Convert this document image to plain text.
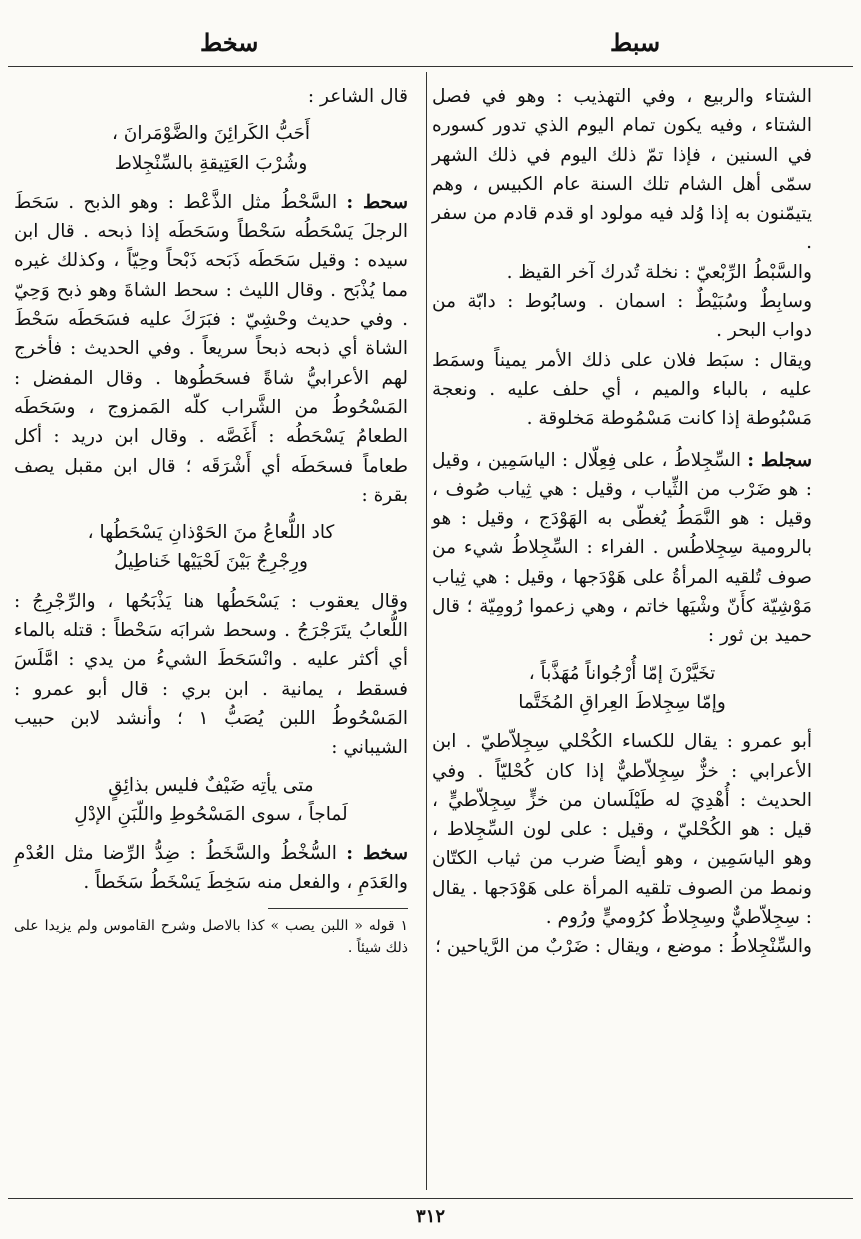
سبط
سخط

الشتاء والربيع ، وفي التهذيب : وهو في فصل الشتاء ، وفيه يكون تمام اليوم الذي تدور كسوره في السنين ، فإذا تمّ ذلك اليوم في ذلك الشهر سمّى أهل الشام تلك السنة عام الكبيس ، وهم يتيمّنون به إذا وُلد فيه مولود او قدم قادم من سفر .

والسَّبْطُ الرِّبْعيّ : نخلة تُدرك آخر القيظ .

وسابِطٌ وسُبَيْطٌ : اسمان . وسابُوط : دابّة من دواب البحر .

ويقال : سبَط فلان على ذلك الأمر يميناً وسمَط عليه ، بالباء والميم ، أي حلف عليه . ونعجة مَسْبُوطة إذا كانت مَسْمُوطة مَخلوقة .

سجلط : السِّجِلاطُ ، على فِعِلّال : الياسَمِين ، وقيل : هو ضَرْب من الثِّياب ، وقيل : هي ثِياب صُوف ، وقيل : هو النَّمَطُ يُغطّى به الهَوْدَج ، وقيل : هو بالرومية سِجِلاطُس . الفراء : السِّجِلاطُ شيء من صوف تُلقيه المرأةُ على هَوْدَجها ، وقيل : هي ثِياب مَوْشِيّة كأَنّ وشْيَها خاتم ، وهي زعموا رُومِيّة ؛ قال حميد بن ثور :

تخَيَّرْنَ إمّا أُرْجُواناً مُهَذَّباً ،
وإمّا سِجِلاطَ العِراقِ المُخَتَّما

أبو عمرو : يقال للكساء الكُحْلي سِجِلاّطيّ . ابن الأعرابي : خزٌّ سِجِلاّطيٌّ إذا كان كُحْليّاً . وفي الحديث : أُهْدِيَ له طَيْلَسان من خزٍّ سِجِلاّطيٍّ ، قيل : هو الكُحْليّ ، وقيل : على لون السِّجِلاط ، وهو الياسَمِين ، وهو أيضاً ضرب من ثياب الكتّان ونمط من الصوف تلقيه المرأة على هَوْدَجها . يقال : سِجِلاّطيٌّ وسِجِلاطٌ كرُوميٍّ ورُوم .

والسِّنْجِلاطُ : موضع ، ويقال : ضَرْبٌ من الرَّياحين ؛

قال الشاعر :

أَحَبُّ الكَرائِنَ والضَّوْمَرانَ ،
وشُرْبَ العَتِيقةِ بالسِّنْجِلاط

سحط : السَّحْطُ مثل الذَّعْط : وهو الذبح . سَحَطَ الرجلَ يَسْحَطُه سَحْطاً وسَحَطَه إذا ذبحه . قال ابن سيده : وقيل سَحَطَه ذَبَحه ذَبْحاً وحِيّاً ، وكذلك غيره مما يُذْبَح . وقال الليث : سحط الشاةَ وهو ذبح وَحِيّ . وفي حديث وحْشِيّ : فبَرَكَ عليه فسَحَطَه سَحْطَ الشاة أي ذبحه ذبحاً سريعاً . وفي الحديث : فأخرج لهم الأعرابيُّ شاةً فسحَطُوها . وقال المفضل : المَسْحُوطُ من الشَّراب كلّه المَمزوج ، وسَحَطَه الطعامُ يَسْحَطُه : أَغَصَّه . وقال ابن دريد : أكل طعاماً فسحَطَه أي أَشْرَقَه ؛ قال ابن مقبل يصف بقرة :

كاد اللُّعاعُ منَ الحَوْذانِ يَسْحَطُها ،
ورِجْرِجٌ بَيْنَ لَحْيَيْها خَناطِيلُ

وقال يعقوب : يَسْحَطُها هنا يَذْبَحُها ، والرِّجْرِجُ : اللُّعابُ يتَرَجْرَجُ . وسحط شرابَه سَحْطاً : قتله بالماء أي أكثر عليه . وانْسَحَطَ الشيءُ من يدي : امَّلَسَ فسقط ، يمانية . ابن بري : قال أبو عمرو : المَسْحُوطُ اللبن يُصَبُّ ١ ؛ وأنشد لابن حبيب الشيباني :

متى يأتِه ضَيْفٌ فليس بذائِقٍ
لَماجاً ، سوى المَسْحُوطِ واللّبَنِ الإدْلِ

سخط : السُّخْطُ والسَّخَطُ : ضِدُّ الرِّضا مثل العُدْمِ والعَدَمِ ، والفعل منه سَخِطَ يَسْخَطُ سَخَطاً .

١ قوله « اللبن يصب » كذا بالاصل وشرح القاموس ولم يزيدا على ذلك شيئاً .

٣١٢
